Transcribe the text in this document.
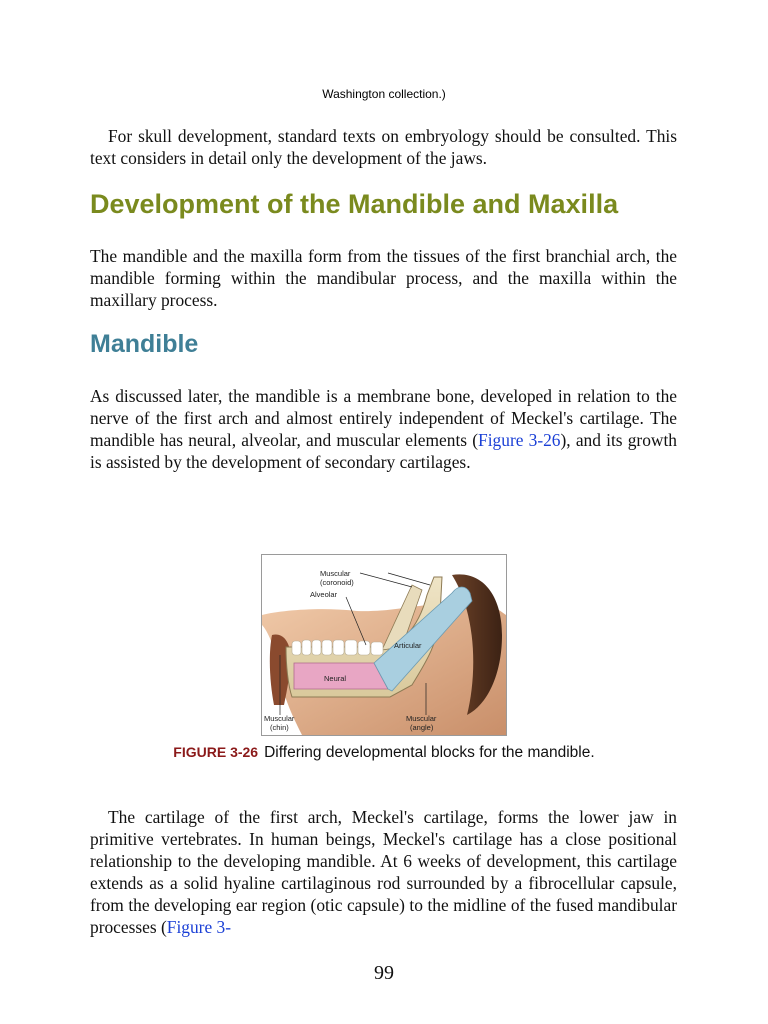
Washington collection.)

For skull development, standard texts on embryology should be consulted. This text considers in detail only the development of the jaws.

Development of the Mandible and Maxilla

The mandible and the maxilla form from the tissues of the first branchial arch, the mandible forming within the mandibular process, and the maxilla within the maxillary process.

Mandible

As discussed later, the mandible is a membrane bone, developed in relation to the nerve of the first arch and almost entirely independent of Meckel's cartilage. The mandible has neural, alveolar, and muscular elements (Figure 3-26), and its growth is assisted by the development of secondary cartilages.

Muscular
(coronoid)
Alveolar
Articular
Neural
Muscular
(chin)
Muscular
(angle)
FIGURE 3-26 Differing developmental blocks for the mandible.

The cartilage of the first arch, Meckel's cartilage, forms the lower jaw in primitive vertebrates. In human beings, Meckel's cartilage has a close positional relationship to the developing mandible. At 6 weeks of development, this cartilage extends as a solid hyaline cartilaginous rod surrounded by a fibrocellular capsule, from the developing ear region (otic capsule) to the midline of the fused mandibular processes (Figure 3-

99
